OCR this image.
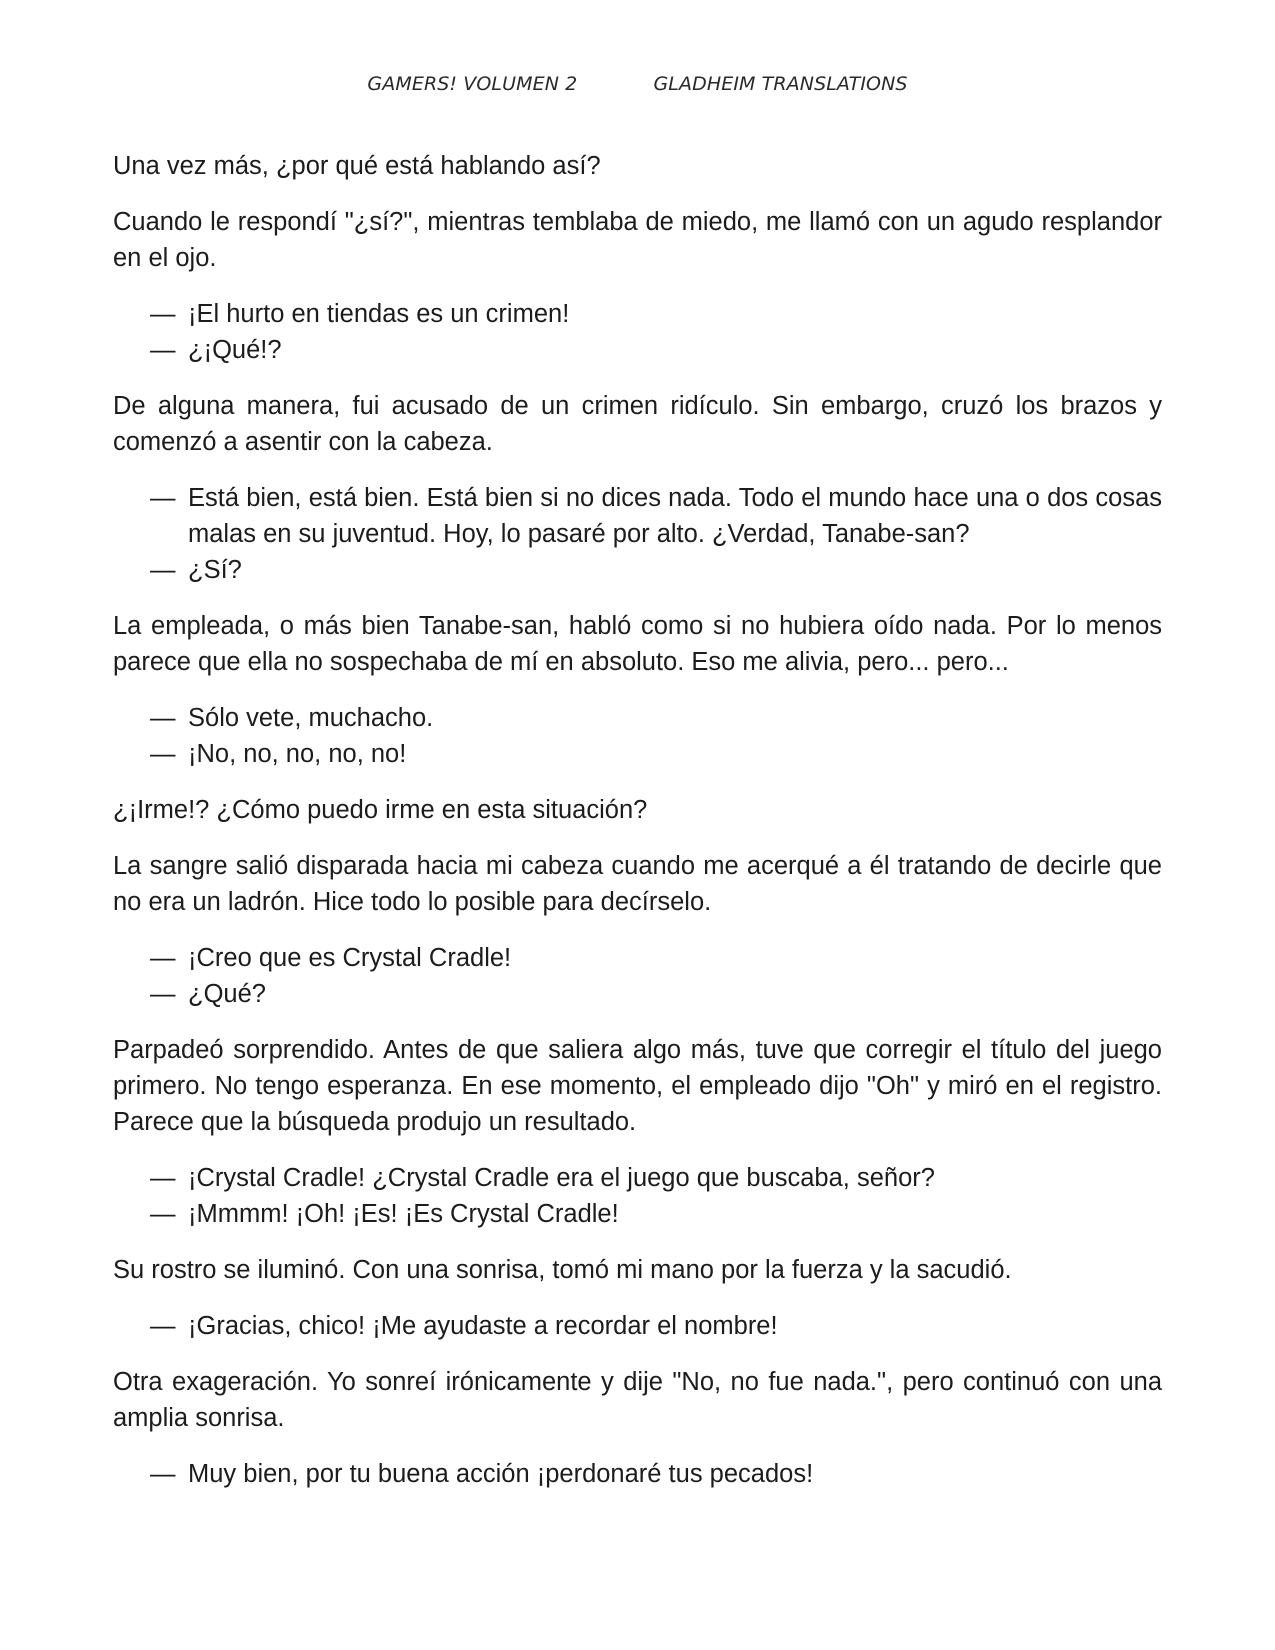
GAMERS! VOLUMEN 2	GLADHEIM TRANSLATIONS

Una vez más, ¿por qué está hablando así?

Cuando le respondí "¿sí?", mientras temblaba de miedo, me llamó con un agudo resplandor en el ojo.

— ¡El hurto en tiendas es un crimen!
— ¿¡Qué!?

De alguna manera, fui acusado de un crimen ridículo. Sin embargo, cruzó los brazos y comenzó a asentir con la cabeza.

— Está bien, está bien. Está bien si no dices nada. Todo el mundo hace una o dos cosas malas en su juventud. Hoy, lo pasaré por alto. ¿Verdad, Tanabe-san?
— ¿Sí?

La empleada, o más bien Tanabe-san, habló como si no hubiera oído nada. Por lo menos parece que ella no sospechaba de mí en absoluto. Eso me alivia, pero... pero...

— Sólo vete, muchacho.
— ¡No, no, no, no, no!

¿¡Irme!? ¿Cómo puedo irme en esta situación?

La sangre salió disparada hacia mi cabeza cuando me acerqué a él tratando de decirle que no era un ladrón. Hice todo lo posible para decírselo.

— ¡Creo que es Crystal Cradle!
— ¿Qué?

Parpadeó sorprendido. Antes de que saliera algo más, tuve que corregir el título del juego primero. No tengo esperanza. En ese momento, el empleado dijo "Oh" y miró en el registro. Parece que la búsqueda produjo un resultado.

— ¡Crystal Cradle! ¿Crystal Cradle era el juego que buscaba, señor?
— ¡Mmmm! ¡Oh! ¡Es! ¡Es Crystal Cradle!

Su rostro se iluminó. Con una sonrisa, tomó mi mano por la fuerza y la sacudió.

— ¡Gracias, chico! ¡Me ayudaste a recordar el nombre!

Otra exageración. Yo sonreí irónicamente y dije "No, no fue nada.", pero continuó con una amplia sonrisa.

— Muy bien, por tu buena acción ¡perdonaré tus pecados!
